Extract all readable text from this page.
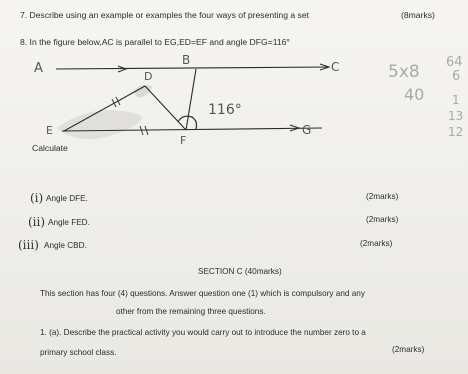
7. Describe using an example or examples the four ways of presenting a set	(8marks)
8. In the figure below,AC is parallel to EG,ED=EF and angle DFG=116°
A
B	C
D
E
F
G
116°
5x8
40
64
6
1
13
12
Calculate
(i) Angle DFE.	(2marks)
(ii) Angle FED.	(2marks)
(iii) Angle CBD.	(2marks)
SECTION C (40marks)
This section has four (4) questions. Answer question one (1) which is compulsory and any
other from the remaining three questions.
1. (a). Describe the practical activity you would carry out to introduce the number zero to a
primary school class.	(2marks)
